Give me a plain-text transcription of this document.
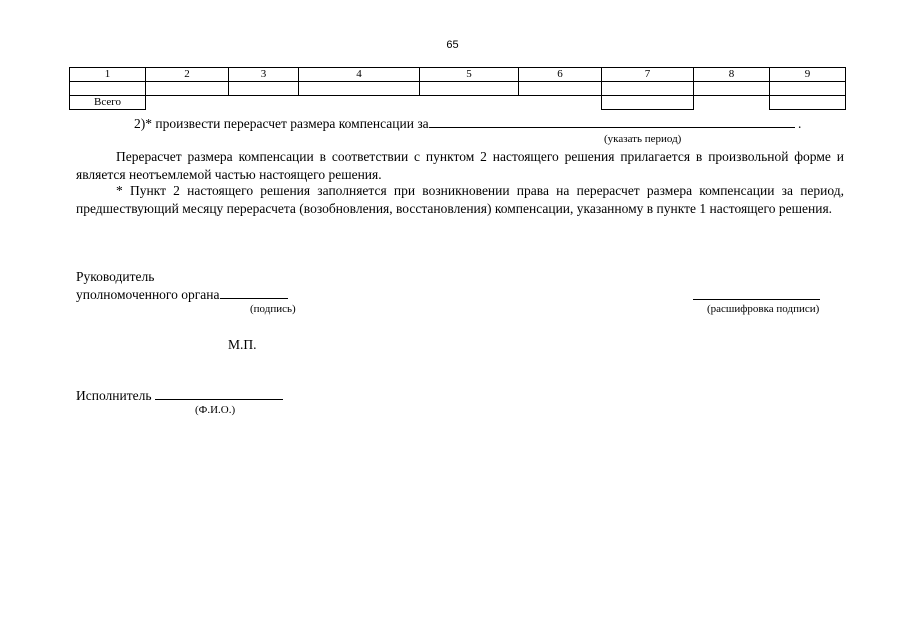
65
1	2	3	4	5	6	7	8	9

Всего								
2)* произвести перерасчет размера компенсации за	.
(указать период)
Перерасчет размера компенсации в соответствии с пунктом 2 настоящего решения прилагается в произвольной форме и является неотъемлемой частью настоящего решения.
* Пункт 2 настоящего решения заполняется при возникновении права на перерасчет размера компенсации за период, предшествующий месяцу перерасчета (возобновления, восстановления) компенсации, указанному в пункте 1 настоящего решения.
Руководитель
уполномоченного органа
(подпись)	(расшифровка подписи)
М.П.
Исполнитель
(Ф.И.О.)
